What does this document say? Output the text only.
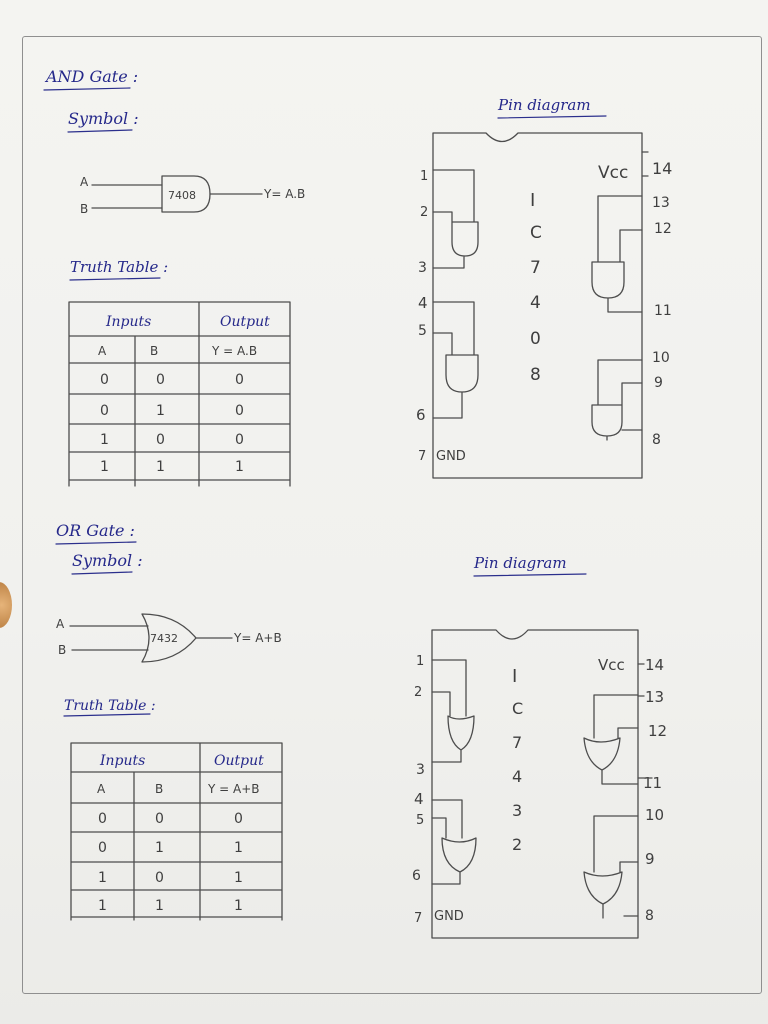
AND Gate :
Symbol :
A
B
7408	Y= A.B
Truth Table :
Inputs	Output
A	B	Y = A.B
0	0	0
0	1	0
1	0	0
1	1	1
Pin diagram
Vcc
GND
I
C
7
4
0
8
1
2
3
4
5
6
7
14
13
12
11
10
9
8
OR Gate :
Symbol :
A
B
7432	Y= A+B
Truth Table :
Inputs	Output
A	B	Y = A+B
0	0	0
0	1	1
1	0	1
1	1	1
Pin diagram
Vcc
GND
I
C
7
4
3
2
1
2
3
4
5
6
7
14
13
12
11
10
9
8
